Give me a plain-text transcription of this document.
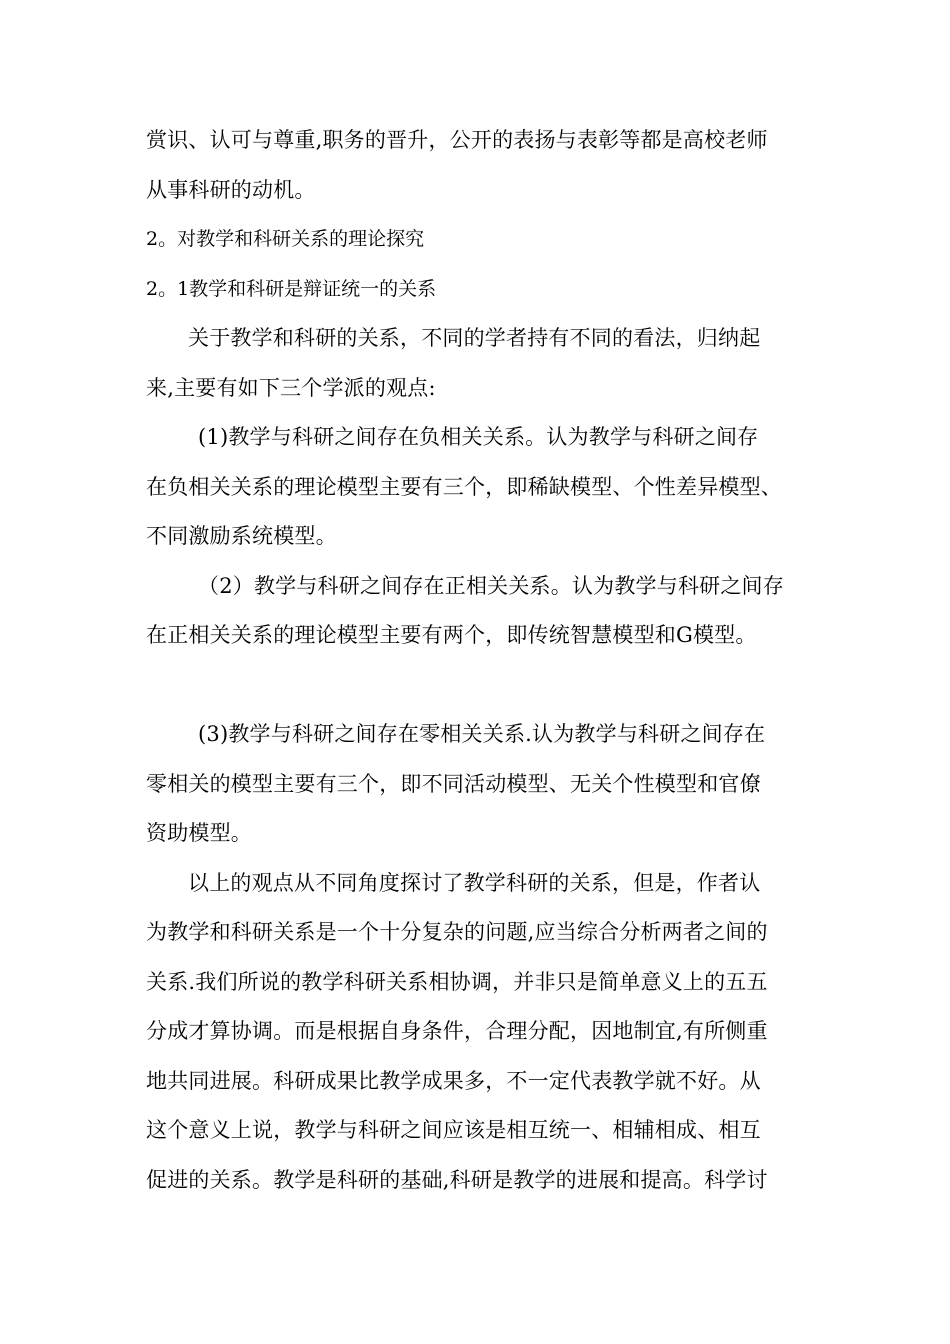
赏识、认可与尊重,职务的晋升，公开的表扬与表彰等都是高校老师
从事科研的动机。
2。对教学和科研关系的理论探究
2。1教学和科研是辩证统一的关系
关于教学和科研的关系，不同的学者持有不同的看法，归纳起
来,主要有如下三个学派的观点:
(1)教学与科研之间存在负相关关系。认为教学与科研之间存
在负相关关系的理论模型主要有三个，即稀缺模型、个性差异模型、
不同激励系统模型。
（2）教学与科研之间存在正相关关系。认为教学与科研之间存
在正相关关系的理论模型主要有两个，即传统智慧模型和G模型。
(3)教学与科研之间存在零相关关系.认为教学与科研之间存在
零相关的模型主要有三个，即不同活动模型、无关个性模型和官僚
资助模型。
以上的观点从不同角度探讨了教学科研的关系，但是，作者认
为教学和科研关系是一个十分复杂的问题,应当综合分析两者之间的
关系.我们所说的教学科研关系相协调，并非只是简单意义上的五五
分成才算协调。而是根据自身条件，合理分配，因地制宜,有所侧重
地共同进展。科研成果比教学成果多，不一定代表教学就不好。从
这个意义上说，教学与科研之间应该是相互统一、相辅相成、相互
促进的关系。教学是科研的基础,科研是教学的进展和提高。科学讨
